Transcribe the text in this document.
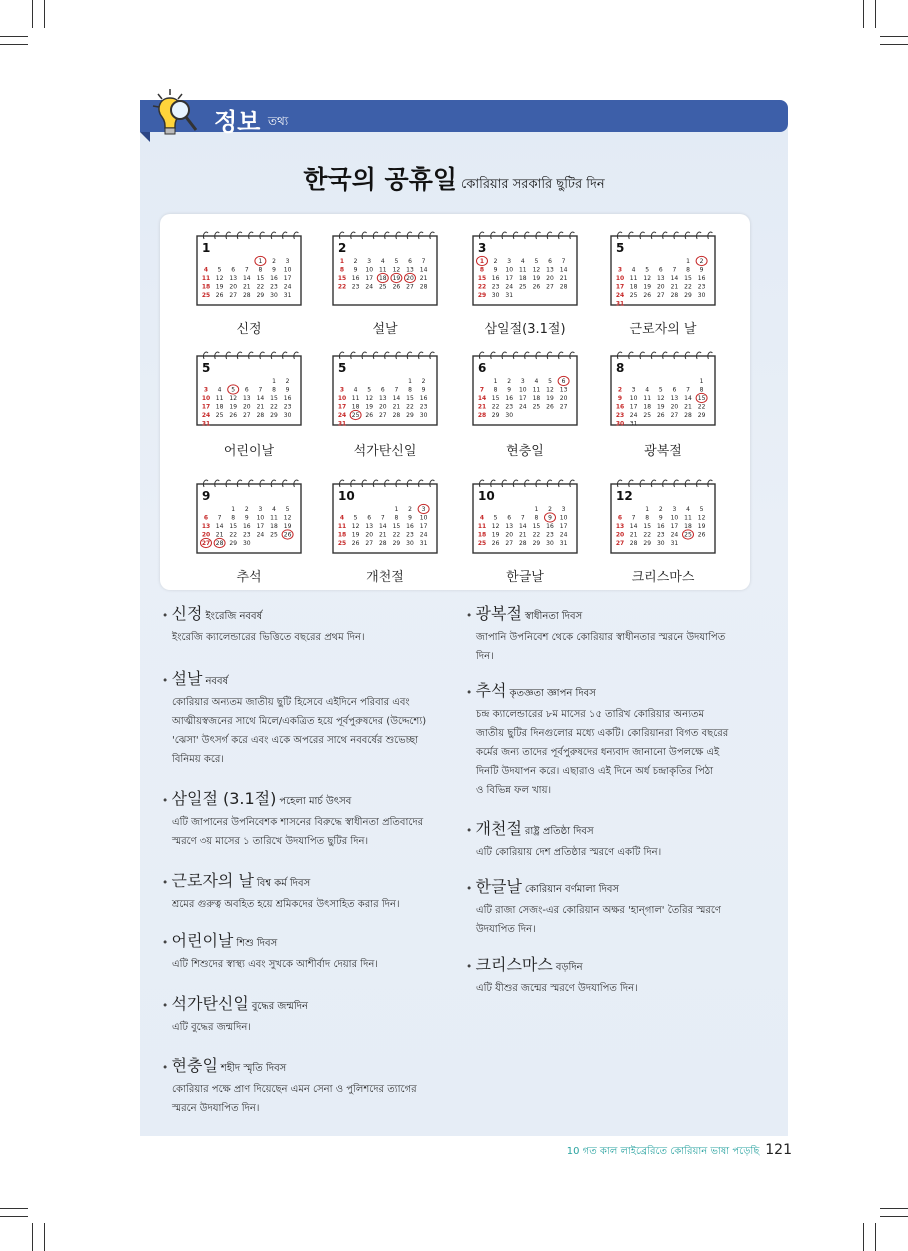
정보 তথ্য
한국의 공휴일 কোরিয়ার সরকারি ছুটির দিন
1
1 2 3
4 5 6 7 8 9 10
11 12 13 14 15 16 17
18 19 20 21 22 23 24
25 26 27 28 29 30 31
신정
2
1 2 3 4 5 6 7
8 9 10 11 12 13 14
15 16 17 18 19 20 21
22 23 24 25 26 27 28
설날
3
1 2 3 4 5 6 7
8 9 10 11 12 13 14
15 16 17 18 19 20 21
22 23 24 25 26 27 28
29 30 31
삼일절(3.1절)
5
1 2
3 4 5 6 7 8 9
10 11 12 13 14 15 16
17 18 19 20 21 22 23
24 25 26 27 28 29 30
31
근로자의 날
5
1 2
3 4 5 6 7 8 9
10 11 12 13 14 15 16
17 18 19 20 21 22 23
24 25 26 27 28 29 30
31
어린이날
5
1 2
3 4 5 6 7 8 9
10 11 12 13 14 15 16
17 18 19 20 21 22 23
24 25 26 27 28 29 30
31
석가탄신일
6
1 2 3 4 5 6
7 8 9 10 11 12 13
14 15 16 17 18 19 20
21 22 23 24 25 26 27
28 29 30
현충일
8
1
2 3 4 5 6 7 8
9 10 11 12 13 14 15
16 17 18 19 20 21 22
23 24 25 26 27 28 29
30 31
광복절
9
1 2 3 4 5
6 7 8 9 10 11 12
13 14 15 16 17 18 19
20 21 22 23 24 25 26
27 28 29 30
추석
10
1 2 3
4 5 6 7 8 9 10
11 12 13 14 15 16 17
18 19 20 21 22 23 24
25 26 27 28 29 30 31
개천절
10
1 2 3
4 5 6 7 8 9 10
11 12 13 14 15 16 17
18 19 20 21 22 23 24
25 26 27 28 29 30 31
한글날
12
1 2 3 4 5
6 7 8 9 10 11 12
13 14 15 16 17 18 19
20 21 22 23 24 25 26
27 28 29 30 31
크리스마스
• 신정 ইংরেজি নববর্ষ
ইংরেজি ক্যালেন্ডারের ভিত্তিতে বছরের প্রথম দিন।
• 설날 নববর্ষ
কোরিয়ার অন্যতম জাতীয় ছুটি হিসেবে এইদিনে পরিবার এবং
আত্মীয়স্বজনের সাথে মিলে/একত্রিত হয়ে পূর্বপুরুষদের (উদ্দেশ্যে)
'ঝেসা' উৎসর্গ করে এবং একে অপরের সাথে নববর্ষের শুভেচ্ছা
বিনিময় করে।
• 삼일절 (3.1절) পহেলা মার্চ উৎসব
এটি জাপানের উপনিবেশক শাসনের বিরুদ্ধে স্বাধীনতা প্রতিবাদের
স্মরণে ৩য় মাসের ১ তারিখে উদযাপিত ছুটির দিন।
• 근로자의 날 বিশ্ব কর্ম দিবস
শ্রমের গুরুত্ব অবহিত হয়ে শ্রমিকদের উৎসাহিত করার দিন।
• 어린이날 শিশু দিবস
এটি শিশুদের স্বাস্থ্য এবং সুখকে আশীর্বাদ দেয়ার দিন।
• 석가탄신일 বুদ্ধের জন্মদিন
এটি বুদ্ধের জন্মদিন।
• 현충일 শহীদ স্মৃতি দিবস
কোরিয়ার পক্ষে প্রাণ দিয়েছেন এমন সেনা ও পুলিশদের ত্যাগের
স্মরনে উদযাপিত দিন।
• 광복절 স্বাধীনতা দিবস
জাপানি উপনিবেশ থেকে কোরিয়ার স্বাধীনতার স্মরনে উদযাপিত
দিন।
• 추석 কৃতজ্ঞতা জ্ঞাপন দিবস
চন্দ্র ক্যালেন্ডারের ৮ম মাসের ১৫ তারিখ কোরিয়ার অন্যতম
জাতীয় ছুটির দিনগুলোর মধ্যে একটি। কোরিয়ানরা বিগত বছরের
কর্মের জন্য তাদের পূর্বপুরুষদের ধন্যবাদ জানানো উপলক্ষে এই
দিনটি উদযাপন করে। এছারাও এই দিনে অর্ধ চন্দ্রাকৃতির পিঠা
ও বিভিন্ন ফল খায়।
• 개천절 রাষ্ট্র প্রতিষ্ঠা দিবস
এটি কোরিয়ায় দেশ প্রতিষ্ঠার স্মরণে একটি দিন।
• 한글날 কোরিয়ান বর্ণমালা দিবস
এটি রাজা সেজং-এর কোরিয়ান অক্ষর 'হান্গাল' তৈরির স্মরণে
উদযাপিত দিন।
• 크리스마스 বড়দিন
এটি যীশুর জন্মের স্মরণে উদযাপিত দিন।
10 গত কাল লাইব্রেরিতে কোরিয়ান ভাষা পড়েছি 121
